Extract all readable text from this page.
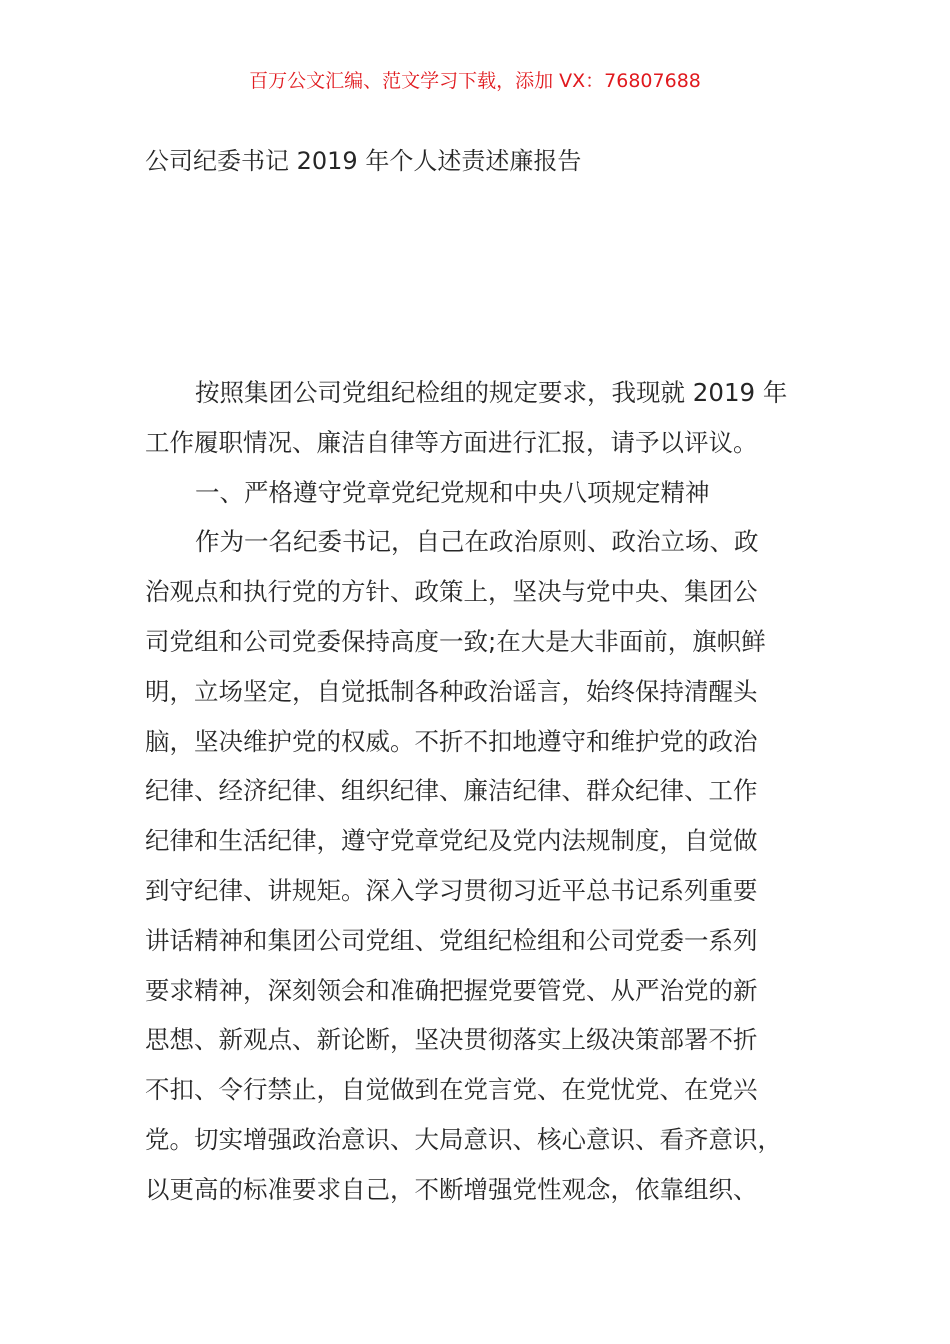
百万公文汇编、范文学习下载，添加 VX：76807688
公司纪委书记 2019 年个人述责述廉报告
按照集团公司党组纪检组的规定要求，我现就 2019 年
工作履职情况、廉洁自律等方面进行汇报，请予以评议。
一、严格遵守党章党纪党规和中央八项规定精神
作为一名纪委书记，自己在政治原则、政治立场、政
治观点和执行党的方针、政策上，坚决与党中央、集团公
司党组和公司党委保持高度一致;在大是大非面前，旗帜鲜
明，立场坚定，自觉抵制各种政治谣言，始终保持清醒头
脑，坚决维护党的权威。不折不扣地遵守和维护党的政治
纪律、经济纪律、组织纪律、廉洁纪律、群众纪律、工作
纪律和生活纪律，遵守党章党纪及党内法规制度，自觉做
到守纪律、讲规矩。深入学习贯彻习近平总书记系列重要
讲话精神和集团公司党组、党组纪检组和公司党委一系列
要求精神，深刻领会和准确把握党要管党、从严治党的新
思想、新观点、新论断，坚决贯彻落实上级决策部署不折
不扣、令行禁止，自觉做到在党言党、在党忧党、在党兴
党。切实增强政治意识、大局意识、核心意识、看齐意识，
以更高的标准要求自己，不断增强党性观念，依靠组织、
